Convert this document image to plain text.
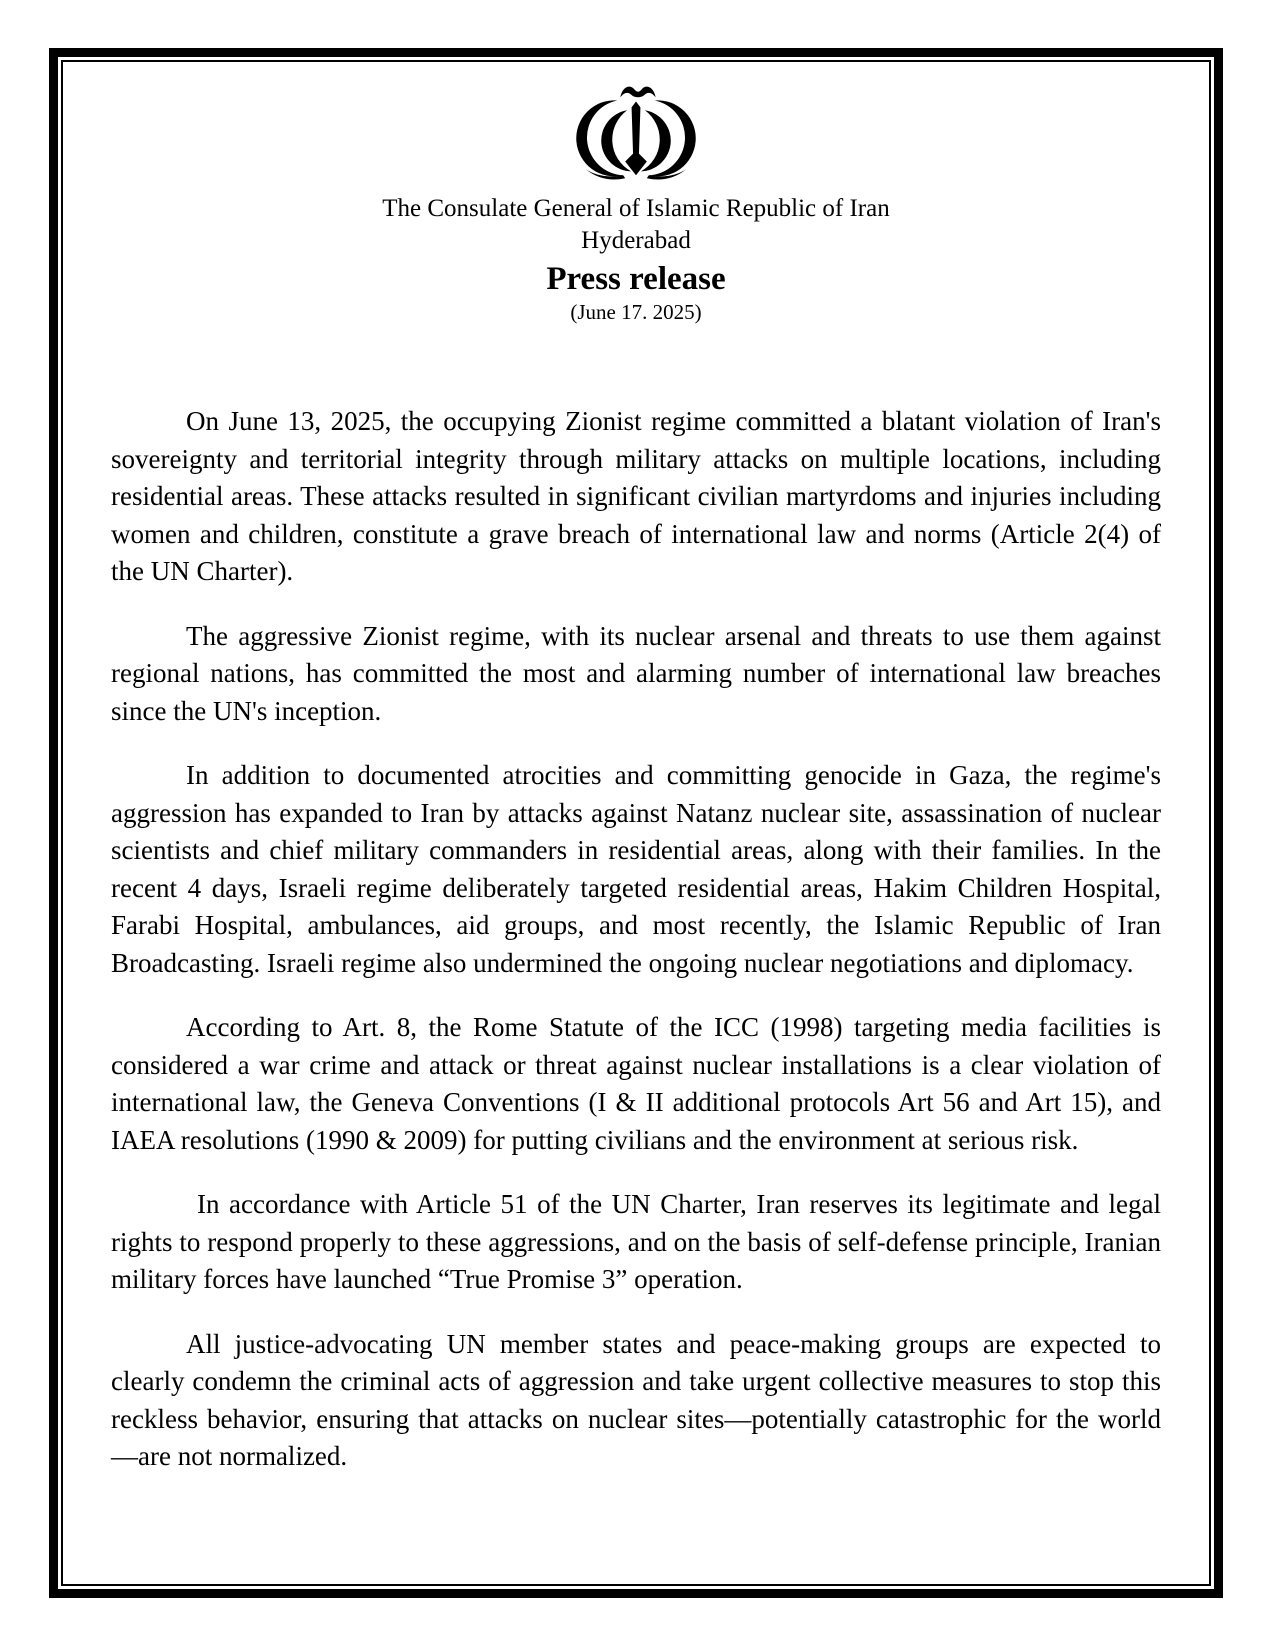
The Consulate General of Islamic Republic of Iran
Hyderabad
Press release
(June 17. 2025)

On June 13, 2025, the occupying Zionist regime committed a blatant violation of Iran's sovereignty and territorial integrity through military attacks on multiple locations, including residential areas. These attacks resulted in significant civilian martyrdoms and injuries including women and children, constitute a grave breach of international law and norms (Article 2(4) of the UN Charter).

The aggressive Zionist regime, with its nuclear arsenal and threats to use them against regional nations, has committed the most and alarming number of international law breaches since the UN's inception.

In addition to documented atrocities and committing genocide in Gaza, the regime's aggression has expanded to Iran by attacks against Natanz nuclear site, assassination of nuclear scientists and chief military commanders in residential areas, along with their families. In the recent 4 days, Israeli regime deliberately targeted residential areas, Hakim Children Hospital, Farabi Hospital, ambulances, aid groups, and most recently, the Islamic Republic of Iran Broadcasting. Israeli regime also undermined the ongoing nuclear negotiations and diplomacy.

According to Art. 8, the Rome Statute of the ICC (1998) targeting media facilities is considered a war crime and attack or threat against nuclear installations is a clear violation of international law, the Geneva Conventions (I & II additional protocols Art 56 and Art 15), and IAEA resolutions (1990 & 2009) for putting civilians and the environment at serious risk.

In accordance with Article 51 of the UN Charter, Iran reserves its legitimate and legal rights to respond properly to these aggressions, and on the basis of self-defense principle, Iranian military forces have launched “True Promise 3” operation.

All justice-advocating UN member states and peace-making groups are expected to clearly condemn the criminal acts of aggression and take urgent collective measures to stop this reckless behavior, ensuring that attacks on nuclear sites—potentially catastrophic for the world—are not normalized.
